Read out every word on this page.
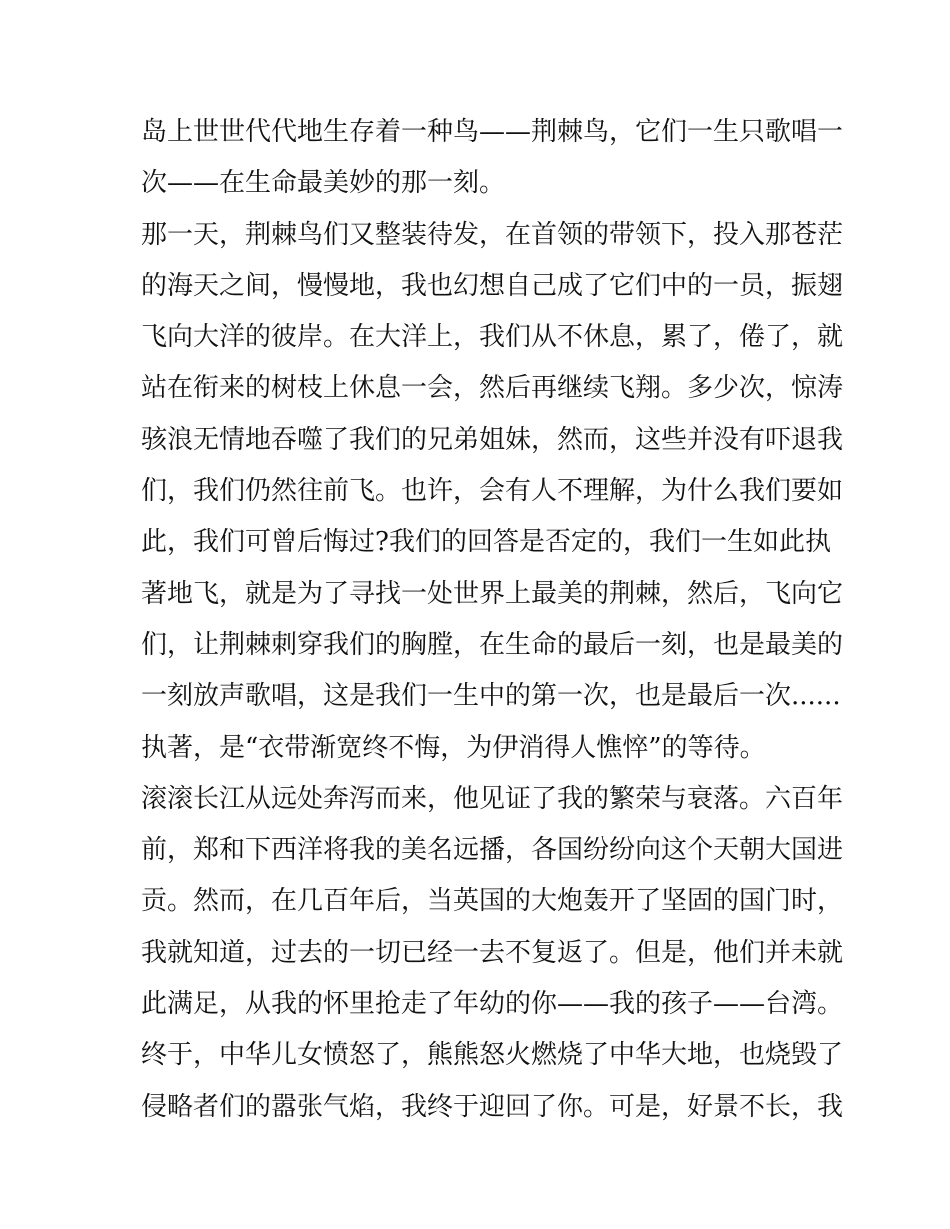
岛上世世代代地生存着一种鸟——荆棘鸟，它们一生只歌唱一
次——在生命最美妙的那一刻。
那一天，荆棘鸟们又整装待发，在首领的带领下，投入那苍茫
的海天之间，慢慢地，我也幻想自己成了它们中的一员，振翅
飞向大洋的彼岸。在大洋上，我们从不休息，累了，倦了，就
站在衔来的树枝上休息一会，然后再继续飞翔。多少次，惊涛
骇浪无情地吞噬了我们的兄弟姐妹，然而，这些并没有吓退我
们，我们仍然往前飞。也许，会有人不理解，为什么我们要如
此，我们可曾后悔过?我们的回答是否定的，我们一生如此执
著地飞，就是为了寻找一处世界上最美的荆棘，然后，飞向它
们，让荆棘刺穿我们的胸膛，在生命的最后一刻，也是最美的
一刻放声歌唱，这是我们一生中的第一次，也是最后一次......
执著，是“衣带渐宽终不悔，为伊消得人憔悴”的等待。
滚滚长江从远处奔泻而来，他见证了我的繁荣与衰落。六百年
前，郑和下西洋将我的美名远播，各国纷纷向这个天朝大国进
贡。然而，在几百年后，当英国的大炮轰开了坚固的国门时，
我就知道，过去的一切已经一去不复返了。但是，他们并未就
此满足，从我的怀里抢走了年幼的你——我的孩子——台湾。
终于，中华儿女愤怒了，熊熊怒火燃烧了中华大地，也烧毁了
侵略者们的嚣张气焰，我终于迎回了你。可是，好景不长，我
